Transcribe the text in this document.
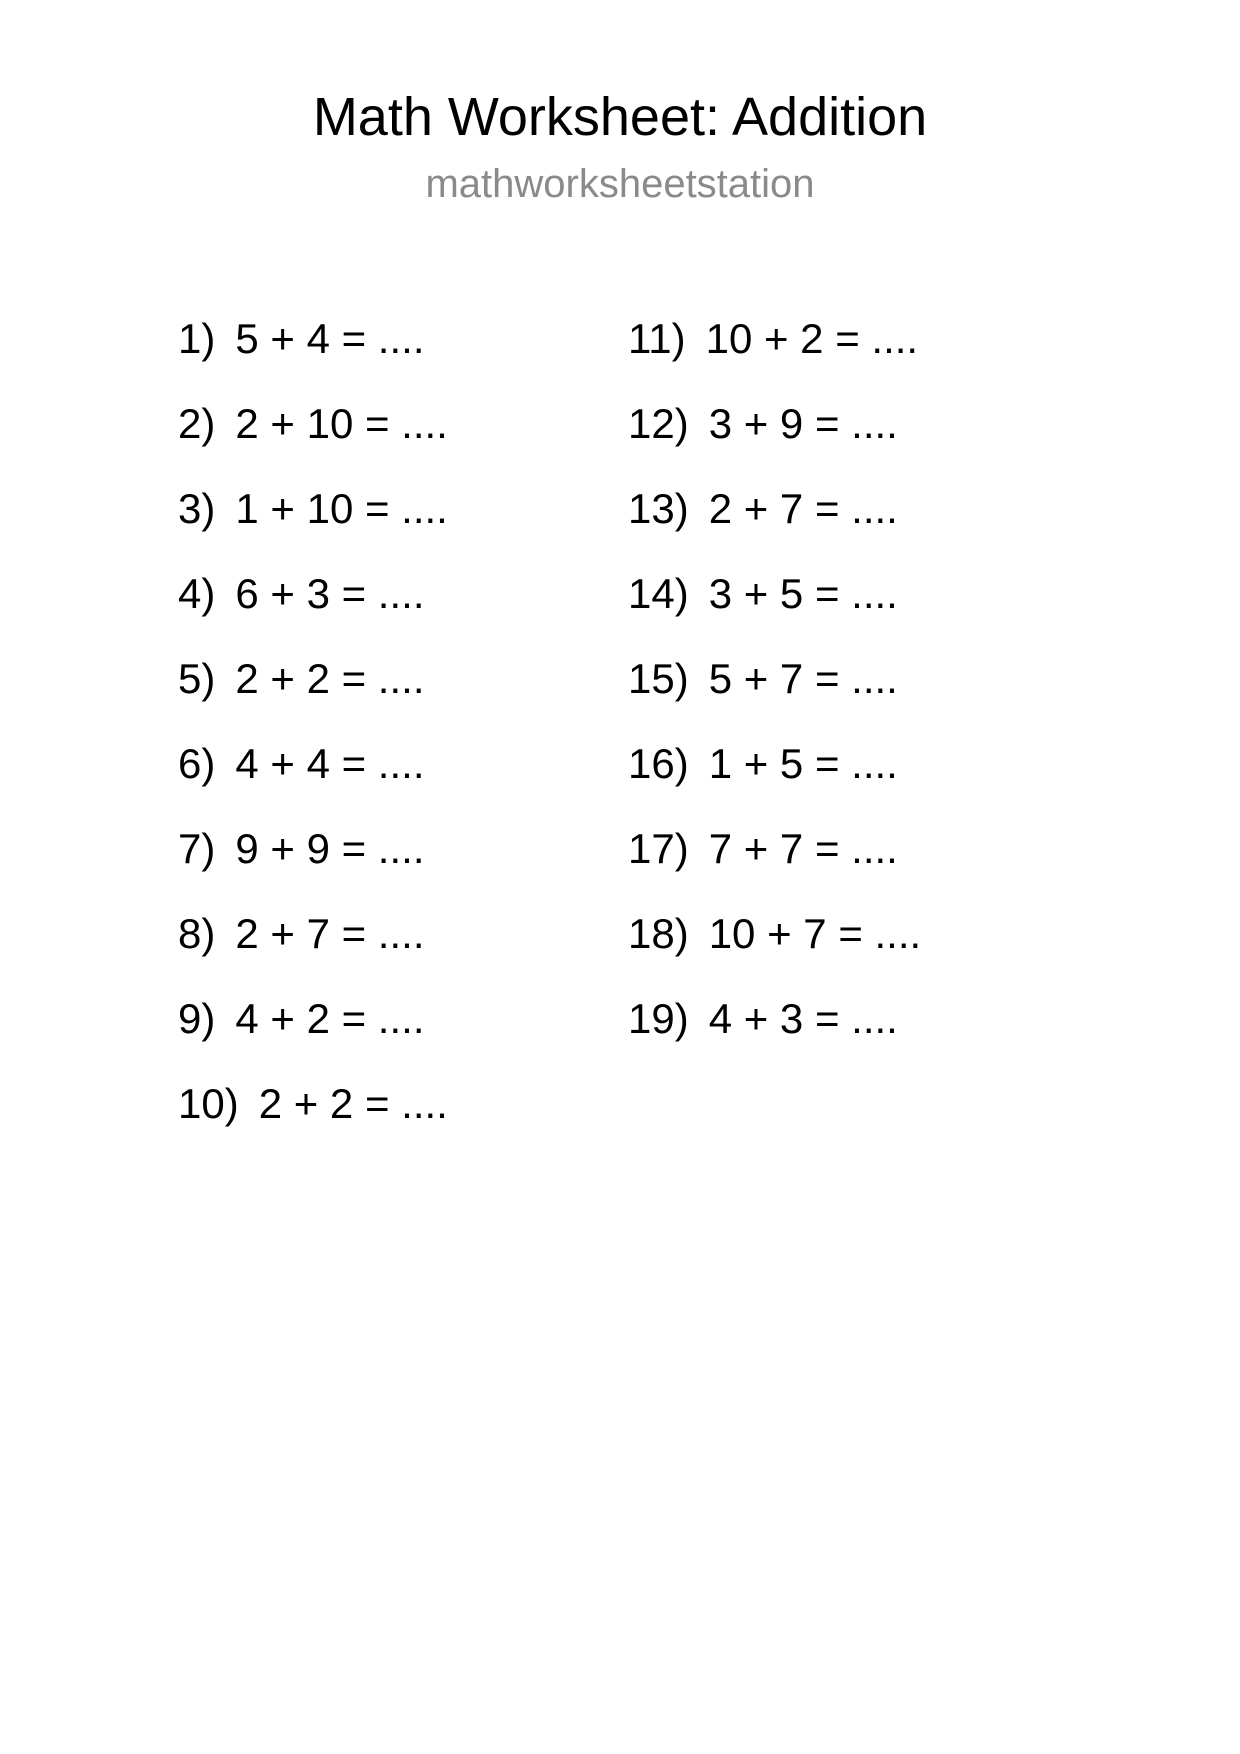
Math Worksheet: Addition
mathworksheetstation
1) 5 + 4 = ....
2) 2 + 10 = ....
3) 1 + 10 = ....
4) 6 + 3 = ....
5) 2 + 2 = ....
6) 4 + 4 = ....
7) 9 + 9 = ....
8) 2 + 7 = ....
9) 4 + 2 = ....
10) 2 + 2 = ....
11) 10 + 2 = ....
12) 3 + 9 = ....
13) 2 + 7 = ....
14) 3 + 5 = ....
15) 5 + 7 = ....
16) 1 + 5 = ....
17) 7 + 7 = ....
18) 10 + 7 = ....
19) 4 + 3 = ....
